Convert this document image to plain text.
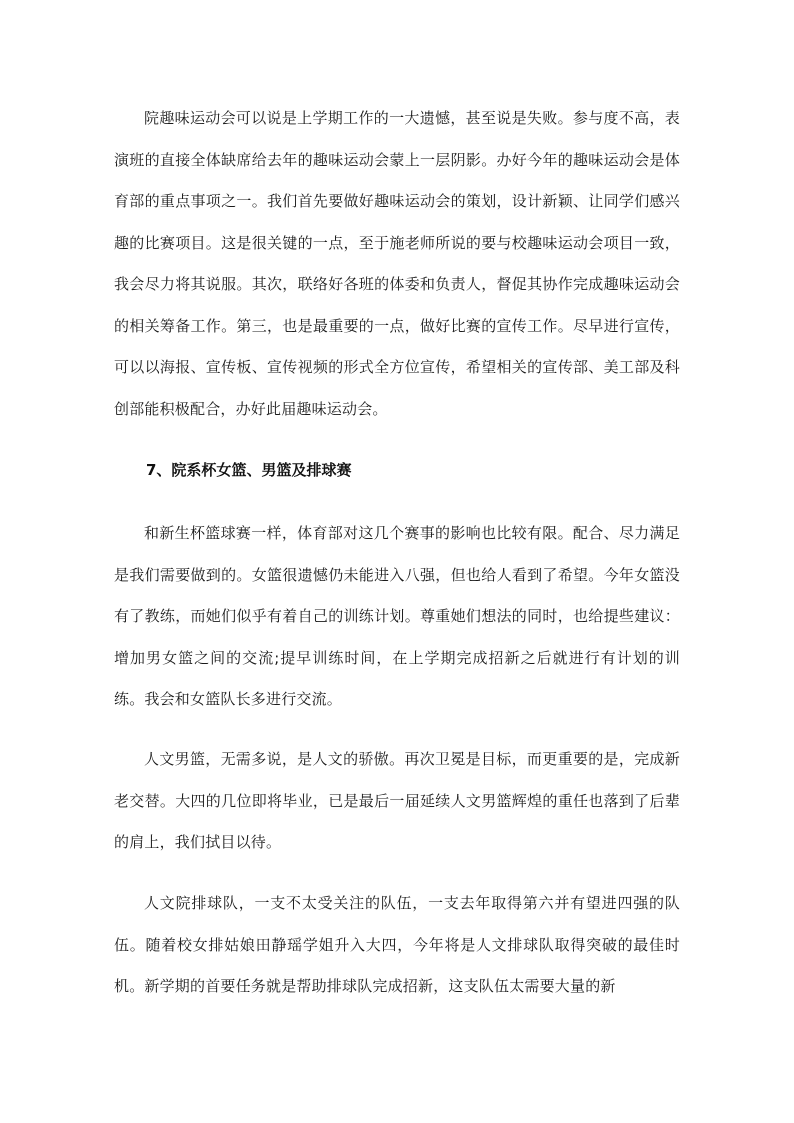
院趣味运动会可以说是上学期工作的一大遗憾，甚至说是失败。参与度不高，表演班的直接全体缺席给去年的趣味运动会蒙上一层阴影。办好今年的趣味运动会是体育部的重点事项之一。我们首先要做好趣味运动会的策划，设计新颖、让同学们感兴趣的比赛项目。这是很关键的一点，至于施老师所说的要与校趣味运动会项目一致，我会尽力将其说服。其次，联络好各班的体委和负责人，督促其协作完成趣味运动会的相关筹备工作。第三，也是最重要的一点，做好比赛的宣传工作。尽早进行宣传，可以以海报、宣传板、宣传视频的形式全方位宣传，希望相关的宣传部、美工部及科创部能积极配合，办好此届趣味运动会。

7、院系杯女篮、男篮及排球赛

和新生杯篮球赛一样，体育部对这几个赛事的影响也比较有限。配合、尽力满足是我们需要做到的。女篮很遗憾仍未能进入八强，但也给人看到了希望。今年女篮没有了教练，而她们似乎有着自己的训练计划。尊重她们想法的同时，也给提些建议：增加男女篮之间的交流;提早训练时间，在上学期完成招新之后就进行有计划的训练。我会和女篮队长多进行交流。

人文男篮，无需多说，是人文的骄傲。再次卫冕是目标，而更重要的是，完成新老交替。大四的几位即将毕业，已是最后一届延续人文男篮辉煌的重任也落到了后辈的肩上，我们拭目以待。

人文院排球队，一支不太受关注的队伍，一支去年取得第六并有望进四强的队伍。随着校女排姑娘田静瑶学姐升入大四，今年将是人文排球队取得突破的最佳时机。新学期的首要任务就是帮助排球队完成招新，这支队伍太需要大量的新
